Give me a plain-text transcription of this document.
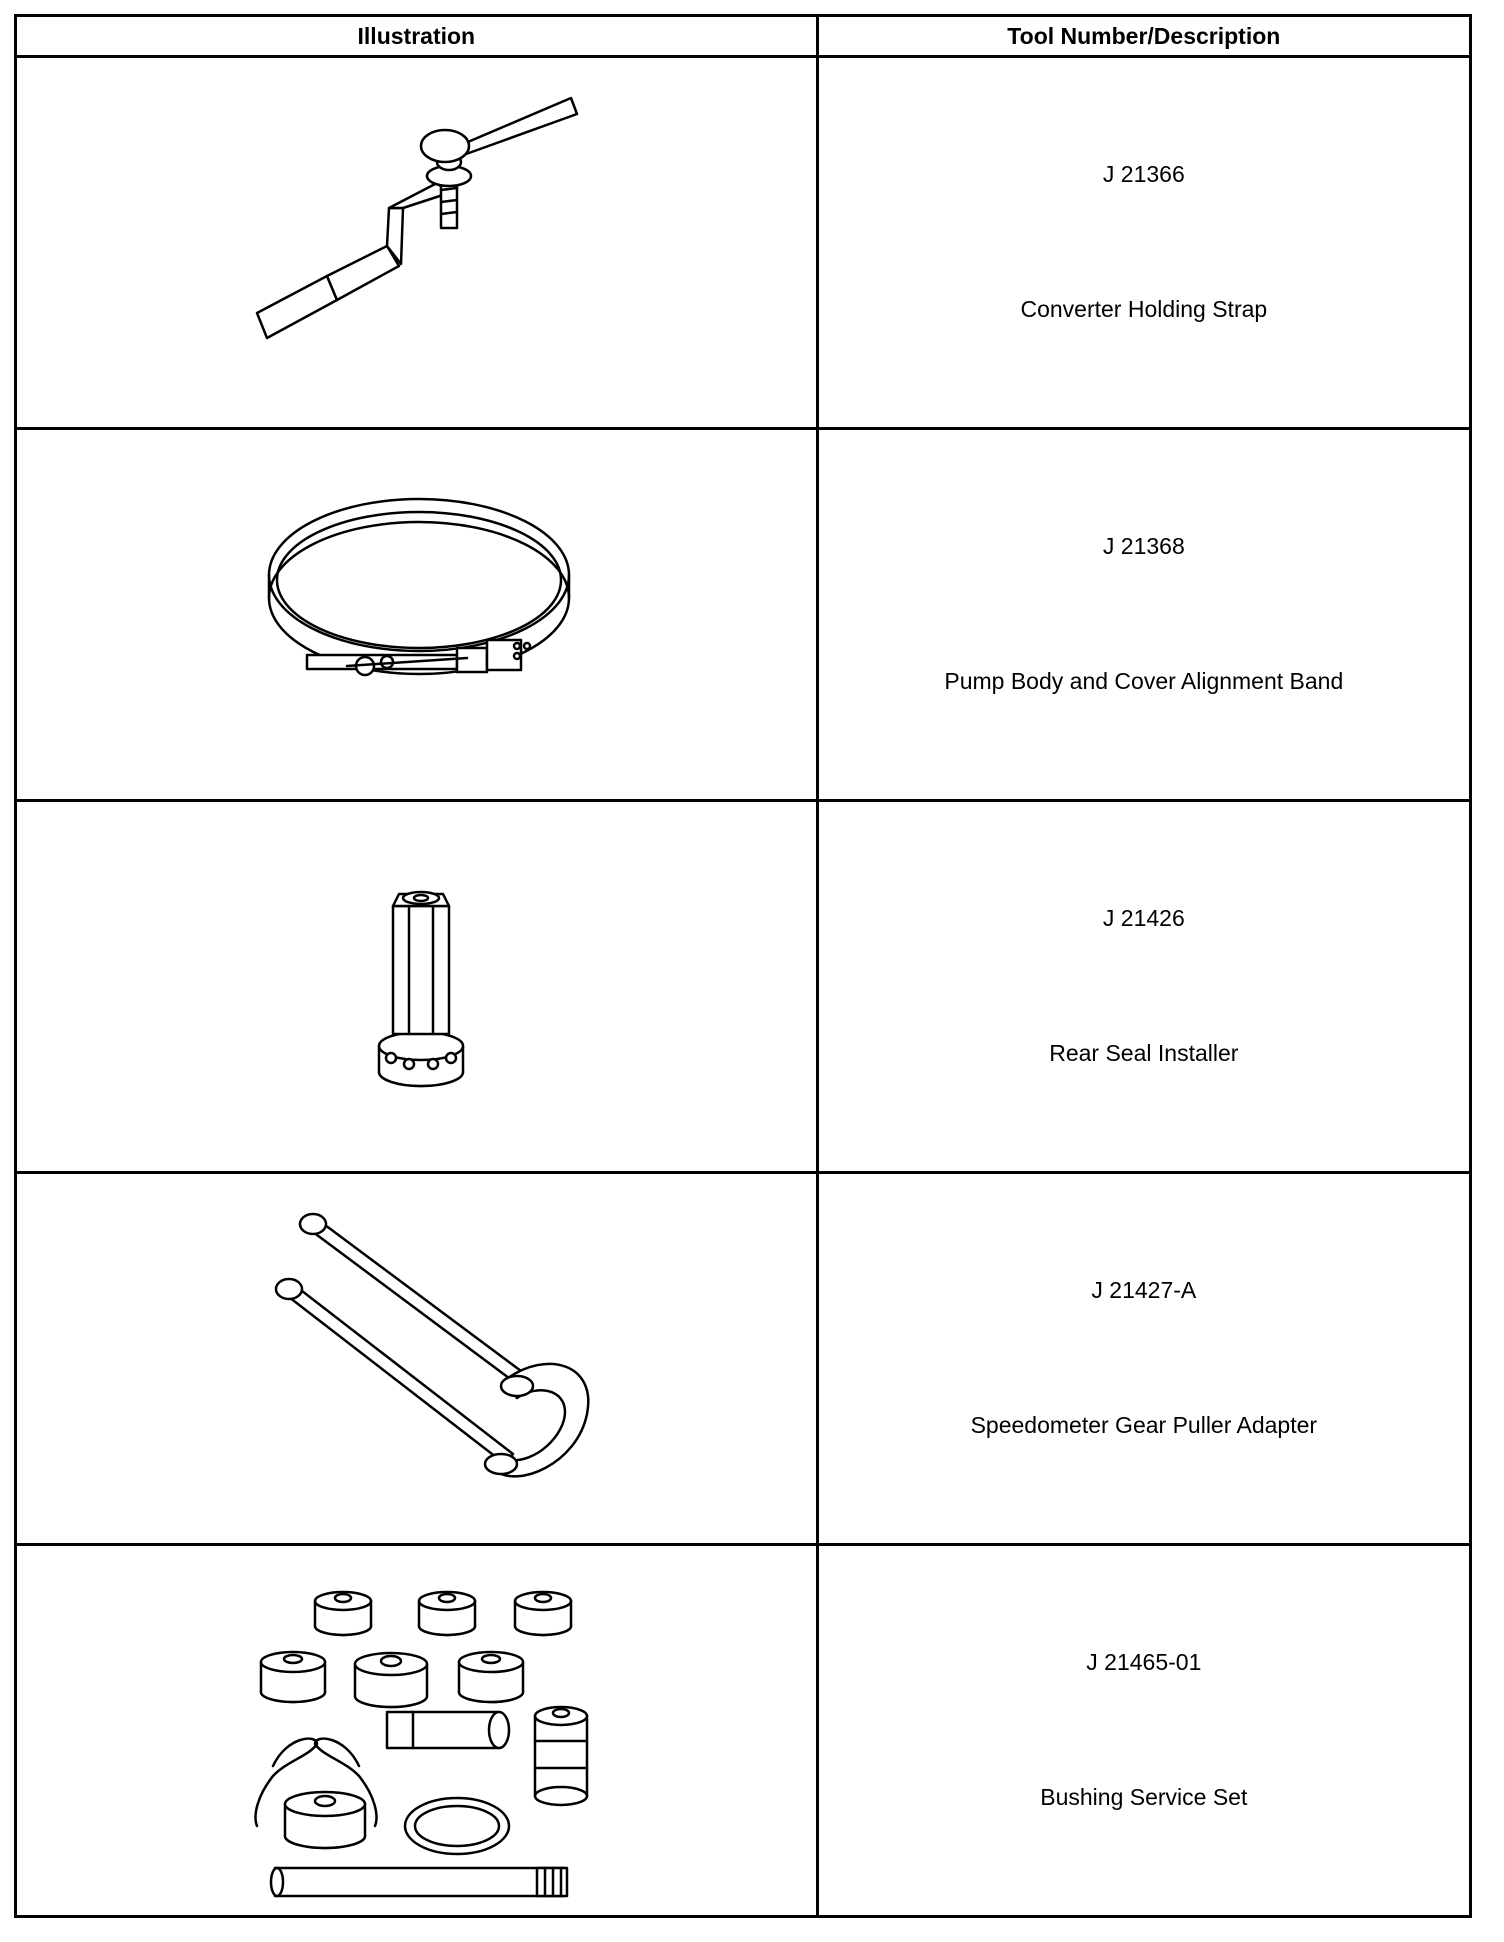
Illustration	Tool Number/Description

J 21366
Converter Holding Strap

J 21368
Pump Body and Cover Alignment Band

J 21426
Rear Seal Installer

J 21427-A
Speedometer Gear Puller Adapter

J 21465-01
Bushing Service Set
